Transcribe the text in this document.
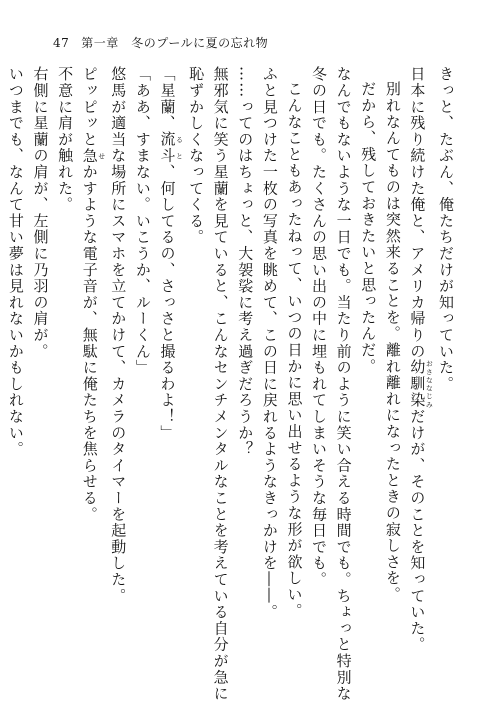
47 第一章　冬のプールに夏の忘れ物
きっと、たぶん、俺たちだけが知っていた。
日本に残り続けた俺と、アメリカ帰りの幼馴染 おさななじみだけが、そのことを知っていた。
別れなんてものは突然来ることを。離れ離れになったときの寂しさを。
だから、残しておきたいと思ったんだ。
なんでもないような一日でも。当たり前のように笑い合える時間でも。ちょっと特別な
冬の日でも。たくさんの思い出の中に埋もれてしまいそうな毎日でも。
こんなこともあったねって、いつの日かに思い出せるような形が欲しい。
ふと見つけた一枚の写真を眺めて、この日に戻れるようなきっかけを――。
……ってのはちょっと、大袈裟に考え過ぎだろうか？
無邪気に笑う星蘭を見ていると、こんなセンチメンタルなことを考えている自分が急に
恥ずかしくなってくる。
「星蘭、流斗 ると、何してるの、さっさと撮るわよ！」
「ああ、すまない。いこうか、ルーくん」
悠馬が適当な場所にスマホを立てかけて、カメラのタイマーを起動した。
ピッピッと急 せかすような電子音が、無駄に俺たちを焦らせる。
不意に肩が触れた。
右側に星蘭の肩が、左側に乃羽の肩が。
いつまでも、なんて甘い夢は見れないかもしれない。
